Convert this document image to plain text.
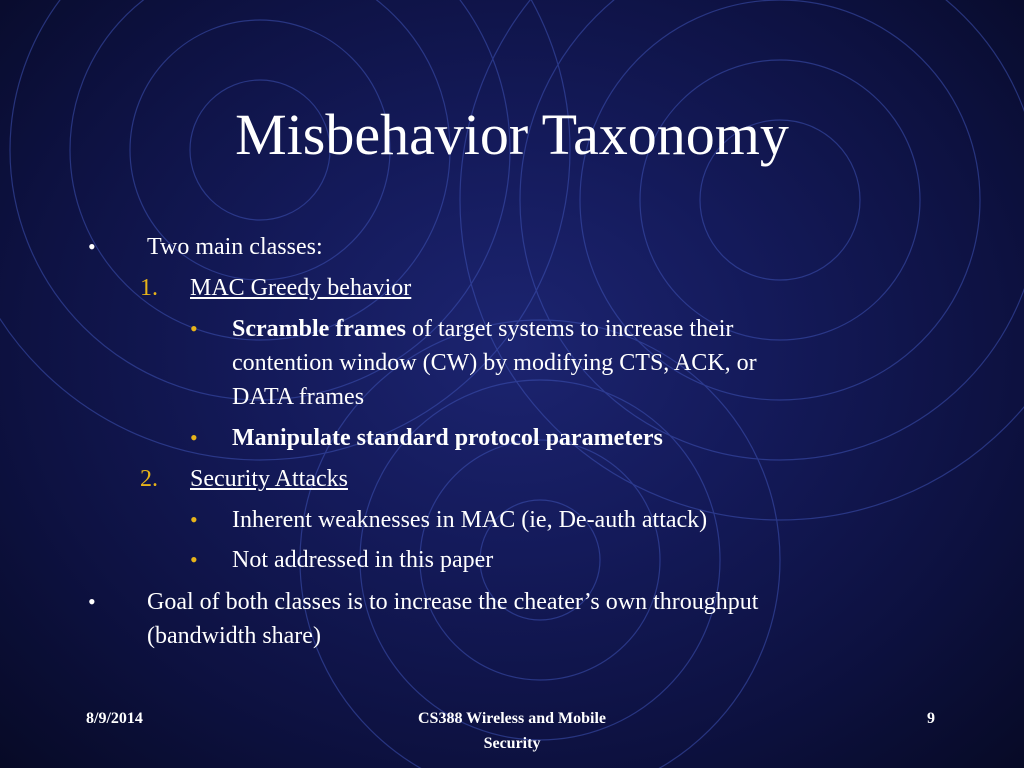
Misbehavior Taxonomy
• Two main classes:
1. MAC Greedy behavior
• Scramble frames of target systems to increase their
contention window (CW) by modifying CTS, ACK, or
DATA frames
• Manipulate standard protocol parameters
2. Security Attacks
• Inherent weaknesses in MAC (ie, De-auth attack)
• Not addressed in this paper
• Goal of both classes is to increase the cheater’s own throughput
(bandwidth share)
8/9/2014	CS388 Wireless and Mobile
Security
9
